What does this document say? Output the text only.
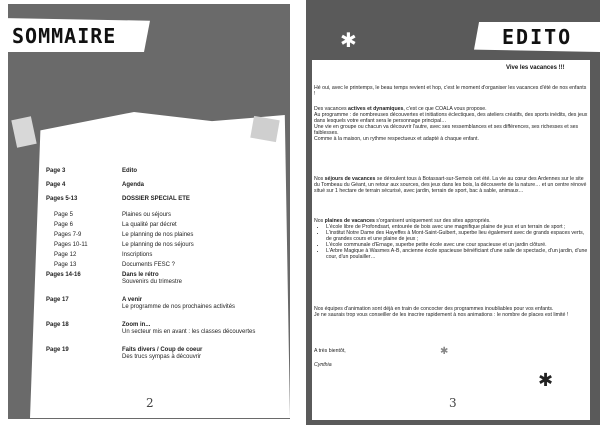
SOMMAIRE
Page 3	Edito
Page 4	Agenda
Pages 5-13	DOSSIER SPECIAL ETE
Page 5	Plaines ou séjours
Page 6	La qualité par décret
Pages 7-9	Le planning de nos plaines
Pages 10-11	Le planning de nos séjours
Page 12	Inscriptions
Page 13	Documents FESC ?
Pages 14-16	Dans le rétro
Souvenirs du trimestre
Page 17	A venir
Le programme de nos prochaines activités
Page 18	Zoom in...
Un secteur mis en avant : les classes découvertes
Page 19	Faits divers / Coup de coeur
Des trucs sympas à découvrir
2
EDITO
✱
Vive les vacances !!!
Hé oui, avec le printemps, le beau temps revient et hop, c'est le moment d'organiser les vacances d'été de nos enfants !

Des vacances actives et dynamiques, c'est ce que COALA vous propose.

Au programme : de nombreuses découvertes et initiations éclectiques, des ateliers créatifs, des sports inédits, des jeux dans lesquels votre enfant sera le personnage principal…

Une vie en groupe ou chacun va découvrir l'autre, avec ses ressemblances et ses différences, ses richesses et ses faiblesses.

Comme à la maison, un rythme respectueux et adapté à chaque enfant.

Nos séjours de vacances se déroulent tous à Botassart-sur-Semois cet été. La vie au cœur des Ardennes sur le site du Tombeau du Géant, un retour aux sources, des jeux dans les bois, la découverte de la nature… et un centre rénové situé sur 1 hectare de terrain sécurisé, avec jardin, terrain de sport, bac à sable, animaux…

Nos plaines de vacances s'organisent uniquement sur des sites appropriés.

• L'école libre de Profondsart, entourée de bois avec une magnifique plaine de jeux et un terrain de sport ;
• L'institut Notre Dame des Hayeffes à Mont-Saint-Guibert, superbe lieu également avec de grands espaces verts, de grandes cours et une plaine de jeux ;
• L'école communale d'Ernage, superbe petite école avec une cour spacieuse et un jardin clôturé.
• L'Arbre Magique à Wasmes A-B, ancienne école spacieuse bénéficiant d'une salle de spectacle, d'un jardin, d'une cour, d'un poulailler…

Nos équipes d'animation sont déjà en train de concocter des programmes inoubliables pour vos enfants.

Je ne saurais trop vous conseiller de les inscrire rapidement à nos animations : le nombre de places est limité !

A très bientôt,
Cynthia
✱
✱
3
